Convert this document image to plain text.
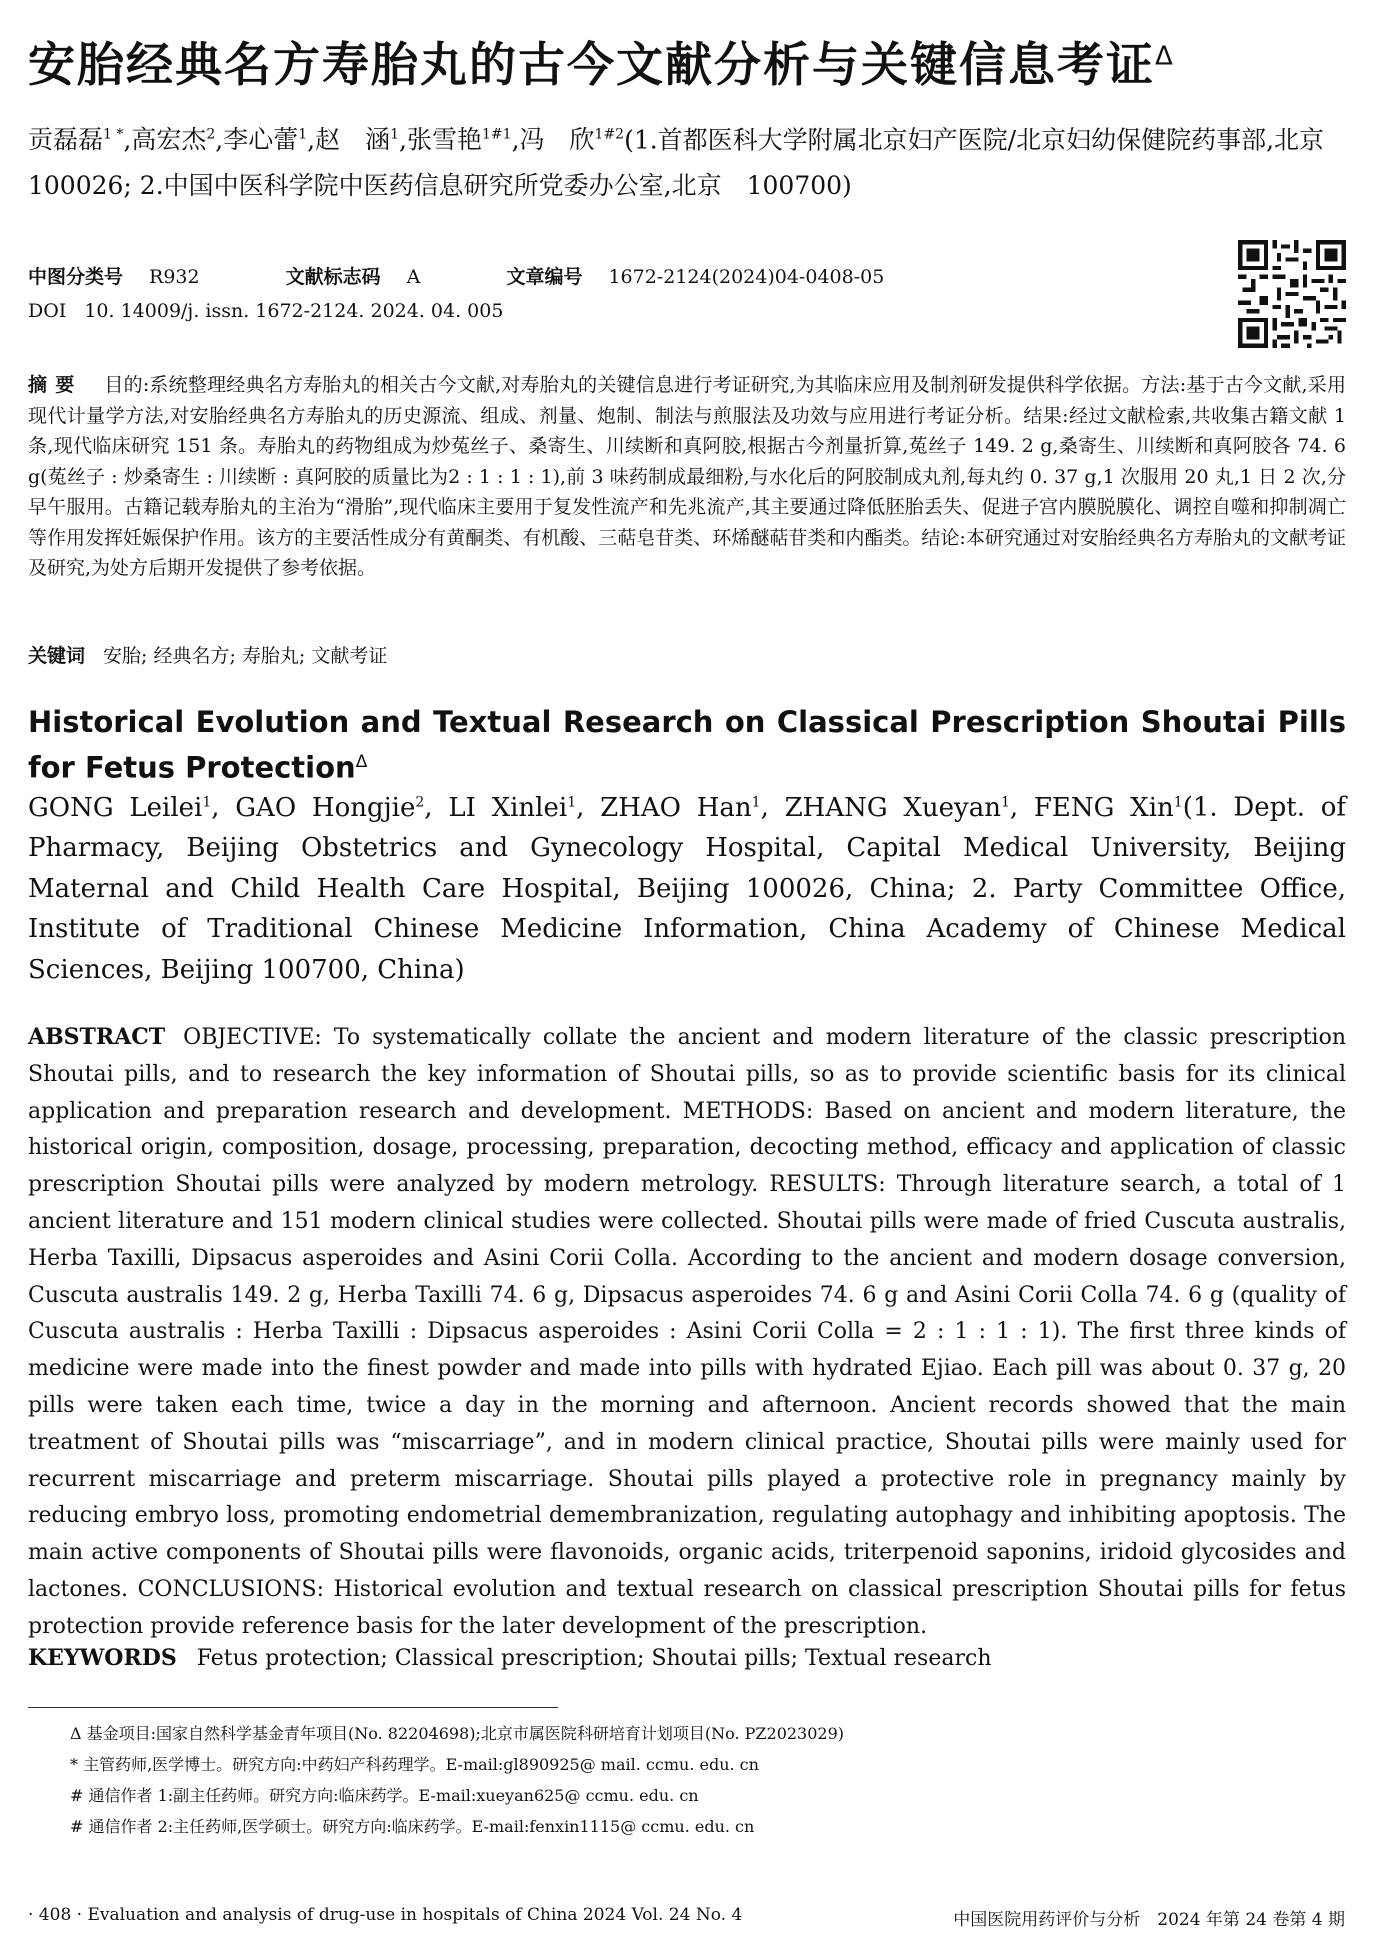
安胎经典名方寿胎丸的古今文献分析与关键信息考证$^\Delta$
贡磊磊$^{1 *}$,高宏杰$^2$,李心蕾$^1$,赵　涵$^1$,张雪艳$^{1\#1}$,冯　欣$^{1\#2}$(1.首都医科大学附属北京妇产医院/北京妇幼保健院药事部,北京　100026; 2.中国中医科学院中医药信息研究所党委办公室,北京　100700)
中图分类号 R932	文献标志码 A	文章编号 1672-2124(2024)04-0408-05
DOI 10. 14009/j. issn. 1672-2124. 2024. 04. 005
摘要 目的:系统整理经典名方寿胎丸的相关古今文献,对寿胎丸的关键信息进行考证研究,为其临床应用及制剂研发提供科学依据。方法:基于古今文献,采用现代计量学方法,对安胎经典名方寿胎丸的历史源流、组成、剂量、炮制、制法与煎服法及功效与应用进行考证分析。结果:经过文献检索,共收集古籍文献 1 条,现代临床研究 151 条。寿胎丸的药物组成为炒菟丝子、桑寄生、川续断和真阿胶,根据古今剂量折算,菟丝子 149. 2 g,桑寄生、川续断和真阿胶各 74. 6 g(菟丝子 : 炒桑寄生 : 川续断 : 真阿胶的质量比为2 : 1 : 1 : 1),前 3 味药制成最细粉,与水化后的阿胶制成丸剂,每丸约 0. 37 g,1 次服用 20 丸,1 日 2 次,分早午服用。古籍记载寿胎丸的主治为“滑胎”,现代临床主要用于复发性流产和先兆流产,其主要通过降低胚胎丢失、促进子宫内膜脱膜化、调控自噬和抑制凋亡等作用发挥妊娠保护作用。该方的主要活性成分有黄酮类、有机酸、三萜皂苷类、环烯醚萜苷类和内酯类。结论:本研究通过对安胎经典名方寿胎丸的文献考证及研究,为处方后期开发提供了参考依据。
关键词 安胎; 经典名方; 寿胎丸; 文献考证
Historical Evolution and Textual Research on Classical Prescription Shoutai Pills for Fetus Protection$^\Delta$
GONG Leilei$^1$, GAO Hongjie$^2$, LI Xinlei$^1$, ZHAO Han$^1$, ZHANG Xueyan$^1$, FENG Xin$^1$(1. Dept. of Pharmacy, Beijing Obstetrics and Gynecology Hospital, Capital Medical University, Beijing Maternal and Child Health Care Hospital, Beijing 100026, China; 2. Party Committee Office, Institute of Traditional Chinese Medicine Information, China Academy of Chinese Medical Sciences, Beijing 100700, China)
ABSTRACT OBJECTIVE: To systematically collate the ancient and modern literature of the classic prescription Shoutai pills, and to research the key information of Shoutai pills, so as to provide scientific basis for its clinical application and preparation research and development. METHODS: Based on ancient and modern literature, the historical origin, composition, dosage, processing, preparation, decocting method, efficacy and application of classic prescription Shoutai pills were analyzed by modern metrology. RESULTS: Through literature search, a total of 1 ancient literature and 151 modern clinical studies were collected. Shoutai pills were made of fried Cuscuta australis, Herba Taxilli, Dipsacus asperoides and Asini Corii Colla. According to the ancient and modern dosage conversion, Cuscuta australis 149. 2 g, Herba Taxilli 74. 6 g, Dipsacus asperoides 74. 6 g and Asini Corii Colla 74. 6 g (quality of Cuscuta australis : Herba Taxilli : Dipsacus asperoides : Asini Corii Colla = 2 : 1 : 1 : 1). The first three kinds of medicine were made into the finest powder and made into pills with hydrated Ejiao. Each pill was about 0. 37 g, 20 pills were taken each time, twice a day in the morning and afternoon. Ancient records showed that the main treatment of Shoutai pills was “miscarriage”, and in modern clinical practice, Shoutai pills were mainly used for recurrent miscarriage and preterm miscarriage. Shoutai pills played a protective role in pregnancy mainly by reducing embryo loss, promoting endometrial demembranization, regulating autophagy and inhibiting apoptosis. The main active components of Shoutai pills were flavonoids, organic acids, triterpenoid saponins, iridoid glycosides and lactones. CONCLUSIONS: Historical evolution and textual research on classical prescription Shoutai pills for fetus protection provide reference basis for the later development of the prescription.
KEYWORDS Fetus protection; Classical prescription; Shoutai pills; Textual research
Δ 基金项目:国家自然科学基金青年项目(No. 82204698);北京市属医院科研培育计划项目(No. PZ2023029)
* 主管药师,医学博士。研究方向:中药妇产科药理学。E-mail:gl890925@ mail. ccmu. edu. cn
# 通信作者 1:副主任药师。研究方向:临床药学。E-mail:xueyan625@ ccmu. edu. cn
# 通信作者 2:主任药师,医学硕士。研究方向:临床药学。E-mail:fenxin1115@ ccmu. edu. cn
· 408 · Evaluation and analysis of drug-use in hospitals of China 2024 Vol. 24 No. 4	中国医院用药评价与分析　2024 年第 24 卷第 4 期
